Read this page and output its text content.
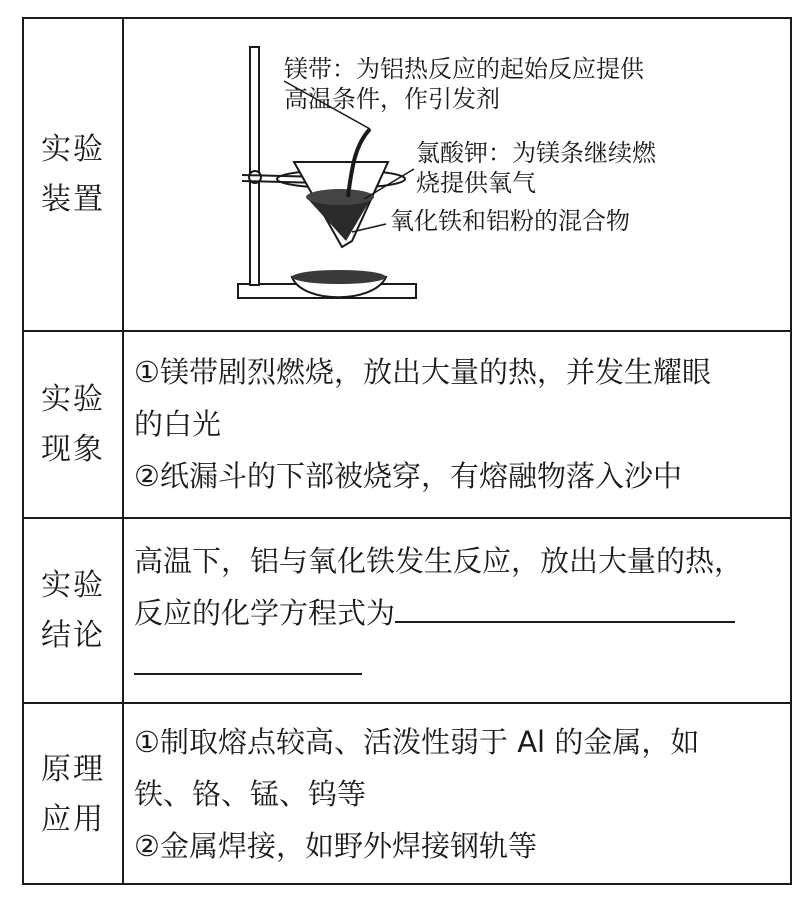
实验
装置
镁带：为铝热反应的起始反应提供
高温条件，作引发剂
氯酸钾：为镁条继续燃
烧提供氧气
氧化铁和铝粉的混合物
实验
现象

①镁带剧烈燃烧，放出大量的热，并发生耀眼

的白光

②纸漏斗的下部被烧穿，有熔融物落入沙中

实验
结论

高温下，铝与氧化铁发生反应，放出大量的热，

反应的化学方程式为

原理
应用

①制取熔点较高、活泼性弱于 Al 的金属，如

铁、铬、锰、钨等

②金属焊接，如野外焊接钢轨等
